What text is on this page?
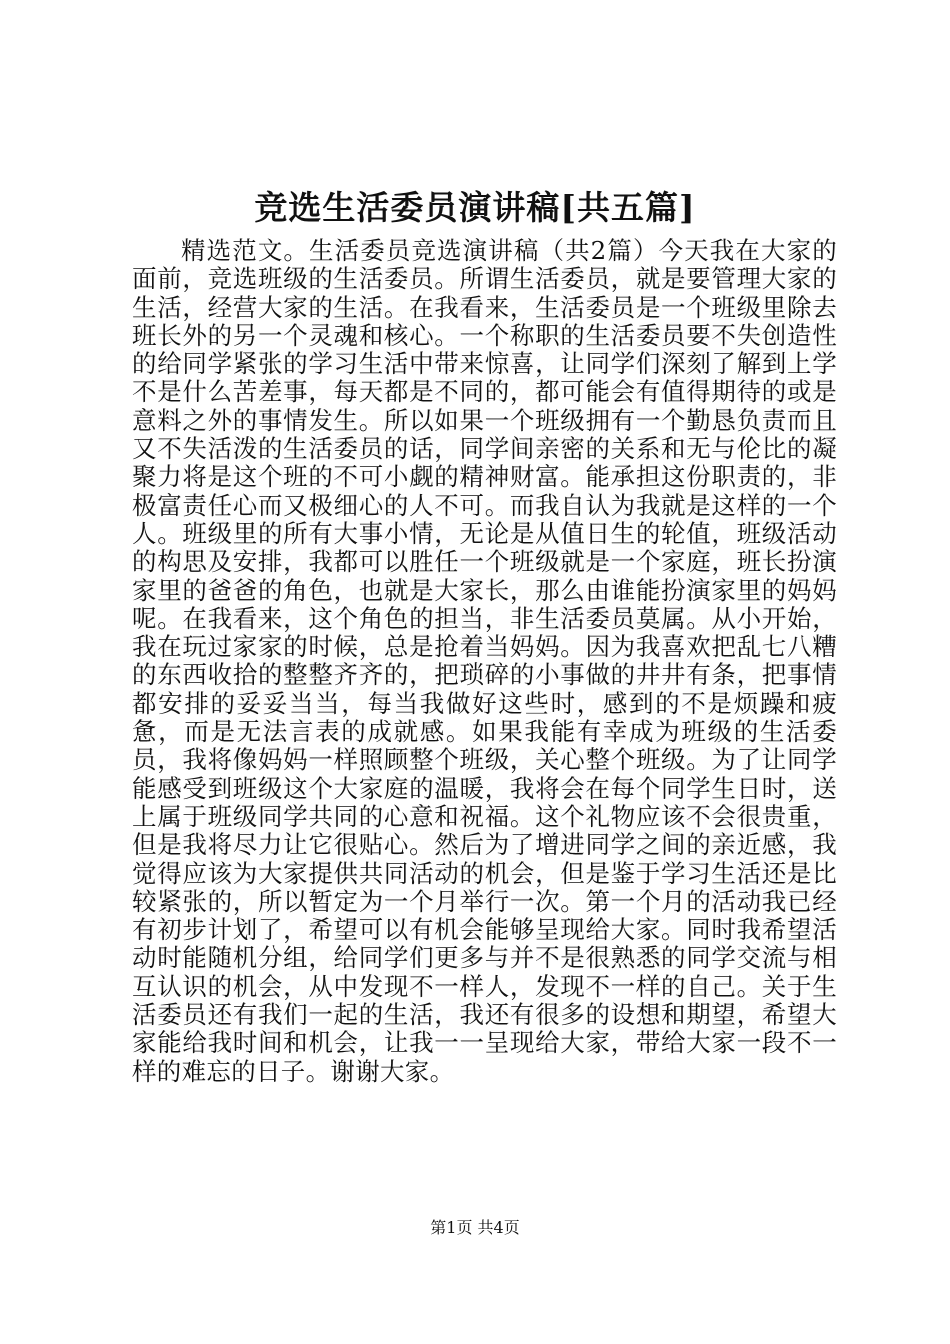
竞选生活委员演讲稿[共五篇]

精选范文。生活委员竞选演讲稿（共2篇）今天我在大家的面前，竞选班级的生活委员。所谓生活委员，就是要管理大家的生活，经营大家的生活。在我看来，生活委员是一个班级里除去班长外的另一个灵魂和核心。一个称职的生活委员要不失创造性的给同学紧张的学习生活中带来惊喜，让同学们深刻了解到上学不是什么苦差事，每天都是不同的，都可能会有值得期待的或是意料之外的事情发生。所以如果一个班级拥有一个勤恳负责而且又不失活泼的生活委员的话，同学间亲密的关系和无与伦比的凝聚力将是这个班的不可小觑的精神财富。能承担这份职责的，非极富责任心而又极细心的人不可。而我自认为我就是这样的一个人。班级里的所有大事小情，无论是从值日生的轮值，班级活动的构思及安排，我都可以胜任一个班级就是一个家庭，班长扮演家里的爸爸的角色，也就是大家长，那么由谁能扮演家里的妈妈呢。在我看来，这个角色的担当，非生活委员莫属。从小开始，我在玩过家家的时候，总是抢着当妈妈。因为我喜欢把乱七八糟的东西收拾的整整齐齐的，把琐碎的小事做的井井有条，把事情都安排的妥妥当当，每当我做好这些时，感到的不是烦躁和疲惫，而是无法言表的成就感。如果我能有幸成为班级的生活委员，我将像妈妈一样照顾整个班级，关心整个班级。为了让同学能感受到班级这个大家庭的温暖，我将会在每个同学生日时，送上属于班级同学共同的心意和祝福。这个礼物应该不会很贵重，但是我将尽力让它很贴心。然后为了增进同学之间的亲近感，我觉得应该为大家提供共同活动的机会，但是鉴于学习生活还是比较紧张的，所以暂定为一个月举行一次。第一个月的活动我已经有初步计划了，希望可以有机会能够呈现给大家。同时我希望活动时能随机分组，给同学们更多与并不是很熟悉的同学交流与相互认识的机会，从中发现不一样人，发现不一样的自己。关于生活委员还有我们一起的生活，我还有很多的设想和期望，希望大家能给我时间和机会，让我一一呈现给大家，带给大家一段不一样的难忘的日子。谢谢大家。

第1页 共4页
